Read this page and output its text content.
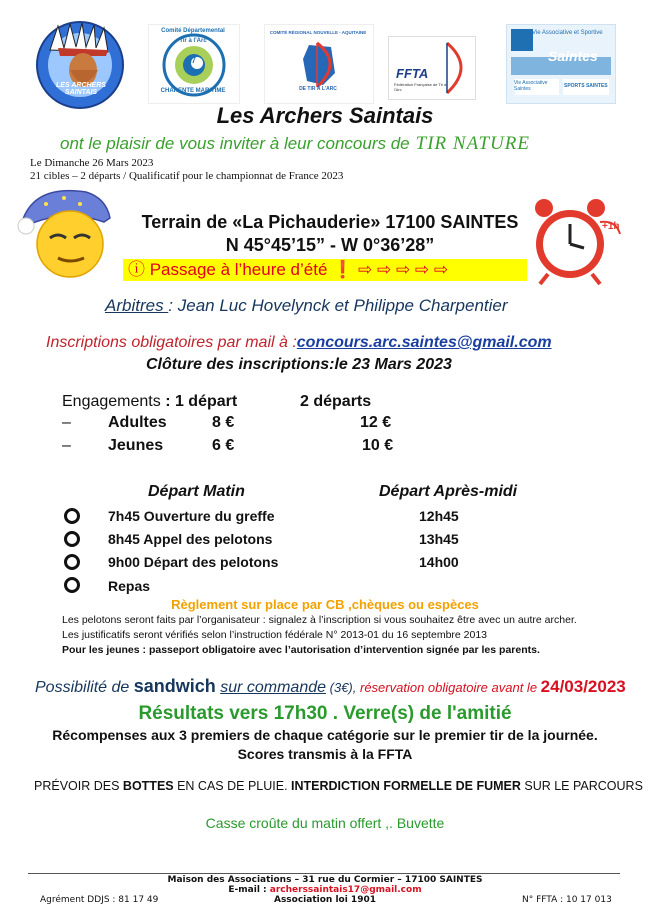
LES ARCHERS SAINTAIS
17
Comité Départemental
Tir à l'Arc
CHARENTE MARITIME
COMITÉ RÉGIONAL NOUVELLE - AQUITAINE
DE TIR À L'ARC
FFTA
Fédération Française de Tir à l'Arc
Vie Associative et Sportive
Saintes
Vie Associative Saintes	SPORTS SAINTES
Les Archers Saintais
ont le plaisir de vous inviter à leur concours de TIR NATURE
Le Dimanche 26 Mars 2023
21 cibles – 2 départs / Qualificatif pour le championnat de France 2023
Terrain de «La Pichauderie» 17100 SAINTES
N 45°45’15” - W 0°36’28”
+1h
ⓘ Passage à l’heure d’été ❗ ⇨ ⇨ ⇨ ⇨ ⇨
Arbitres : Jean Luc Hovelynck et Philippe Charpentier
Inscriptions obligatoires par mail à :concours.arc.saintes@gmail.com
Clôture des inscriptions:le 23 Mars 2023
Engagements : 1 départ	2 départs
– Adultes	8 €	12 €
– Jeunes	6 €	10 €
Départ Matin	Départ Après-midi
7h45 Ouverture du greffe	12h45
8h45 Appel des pelotons	13h45
9h00 Départ des pelotons	14h00
Repas
Règlement sur place par CB ,chèques ou espèces
Les pelotons seront faits par l’organisateur : signalez à l’inscription si vous souhaitez être avec un autre archer.
Les justificatifs seront vérifiés selon l’instruction fédérale N° 2013-01 du 16 septembre 2013
Pour les jeunes : passeport obligatoire avec l’autorisation d’intervention signée par les parents.
Possibilité de sandwich sur commande (3€), réservation obligatoire avant le 24/03/2023
Résultats vers 17h30 . Verre(s) de l'amitié
Récompenses aux 3 premiers de chaque catégorie sur le premier tir de la journée.
Scores transmis à la FFTA
PRÉVOIR DES BOTTES EN CAS DE PLUIE. INTERDICTION FORMELLE DE FUMER SUR LE PARCOURS
Casse croûte du matin offert ,. Buvette
Maison des Associations – 31 rue du Cormier – 17100 SAINTES
E-mail : archerssaintais17@gmail.com
Association loi 1901
Agrément DDJS : 81 17 49	N° FFTA : 10 17 013
